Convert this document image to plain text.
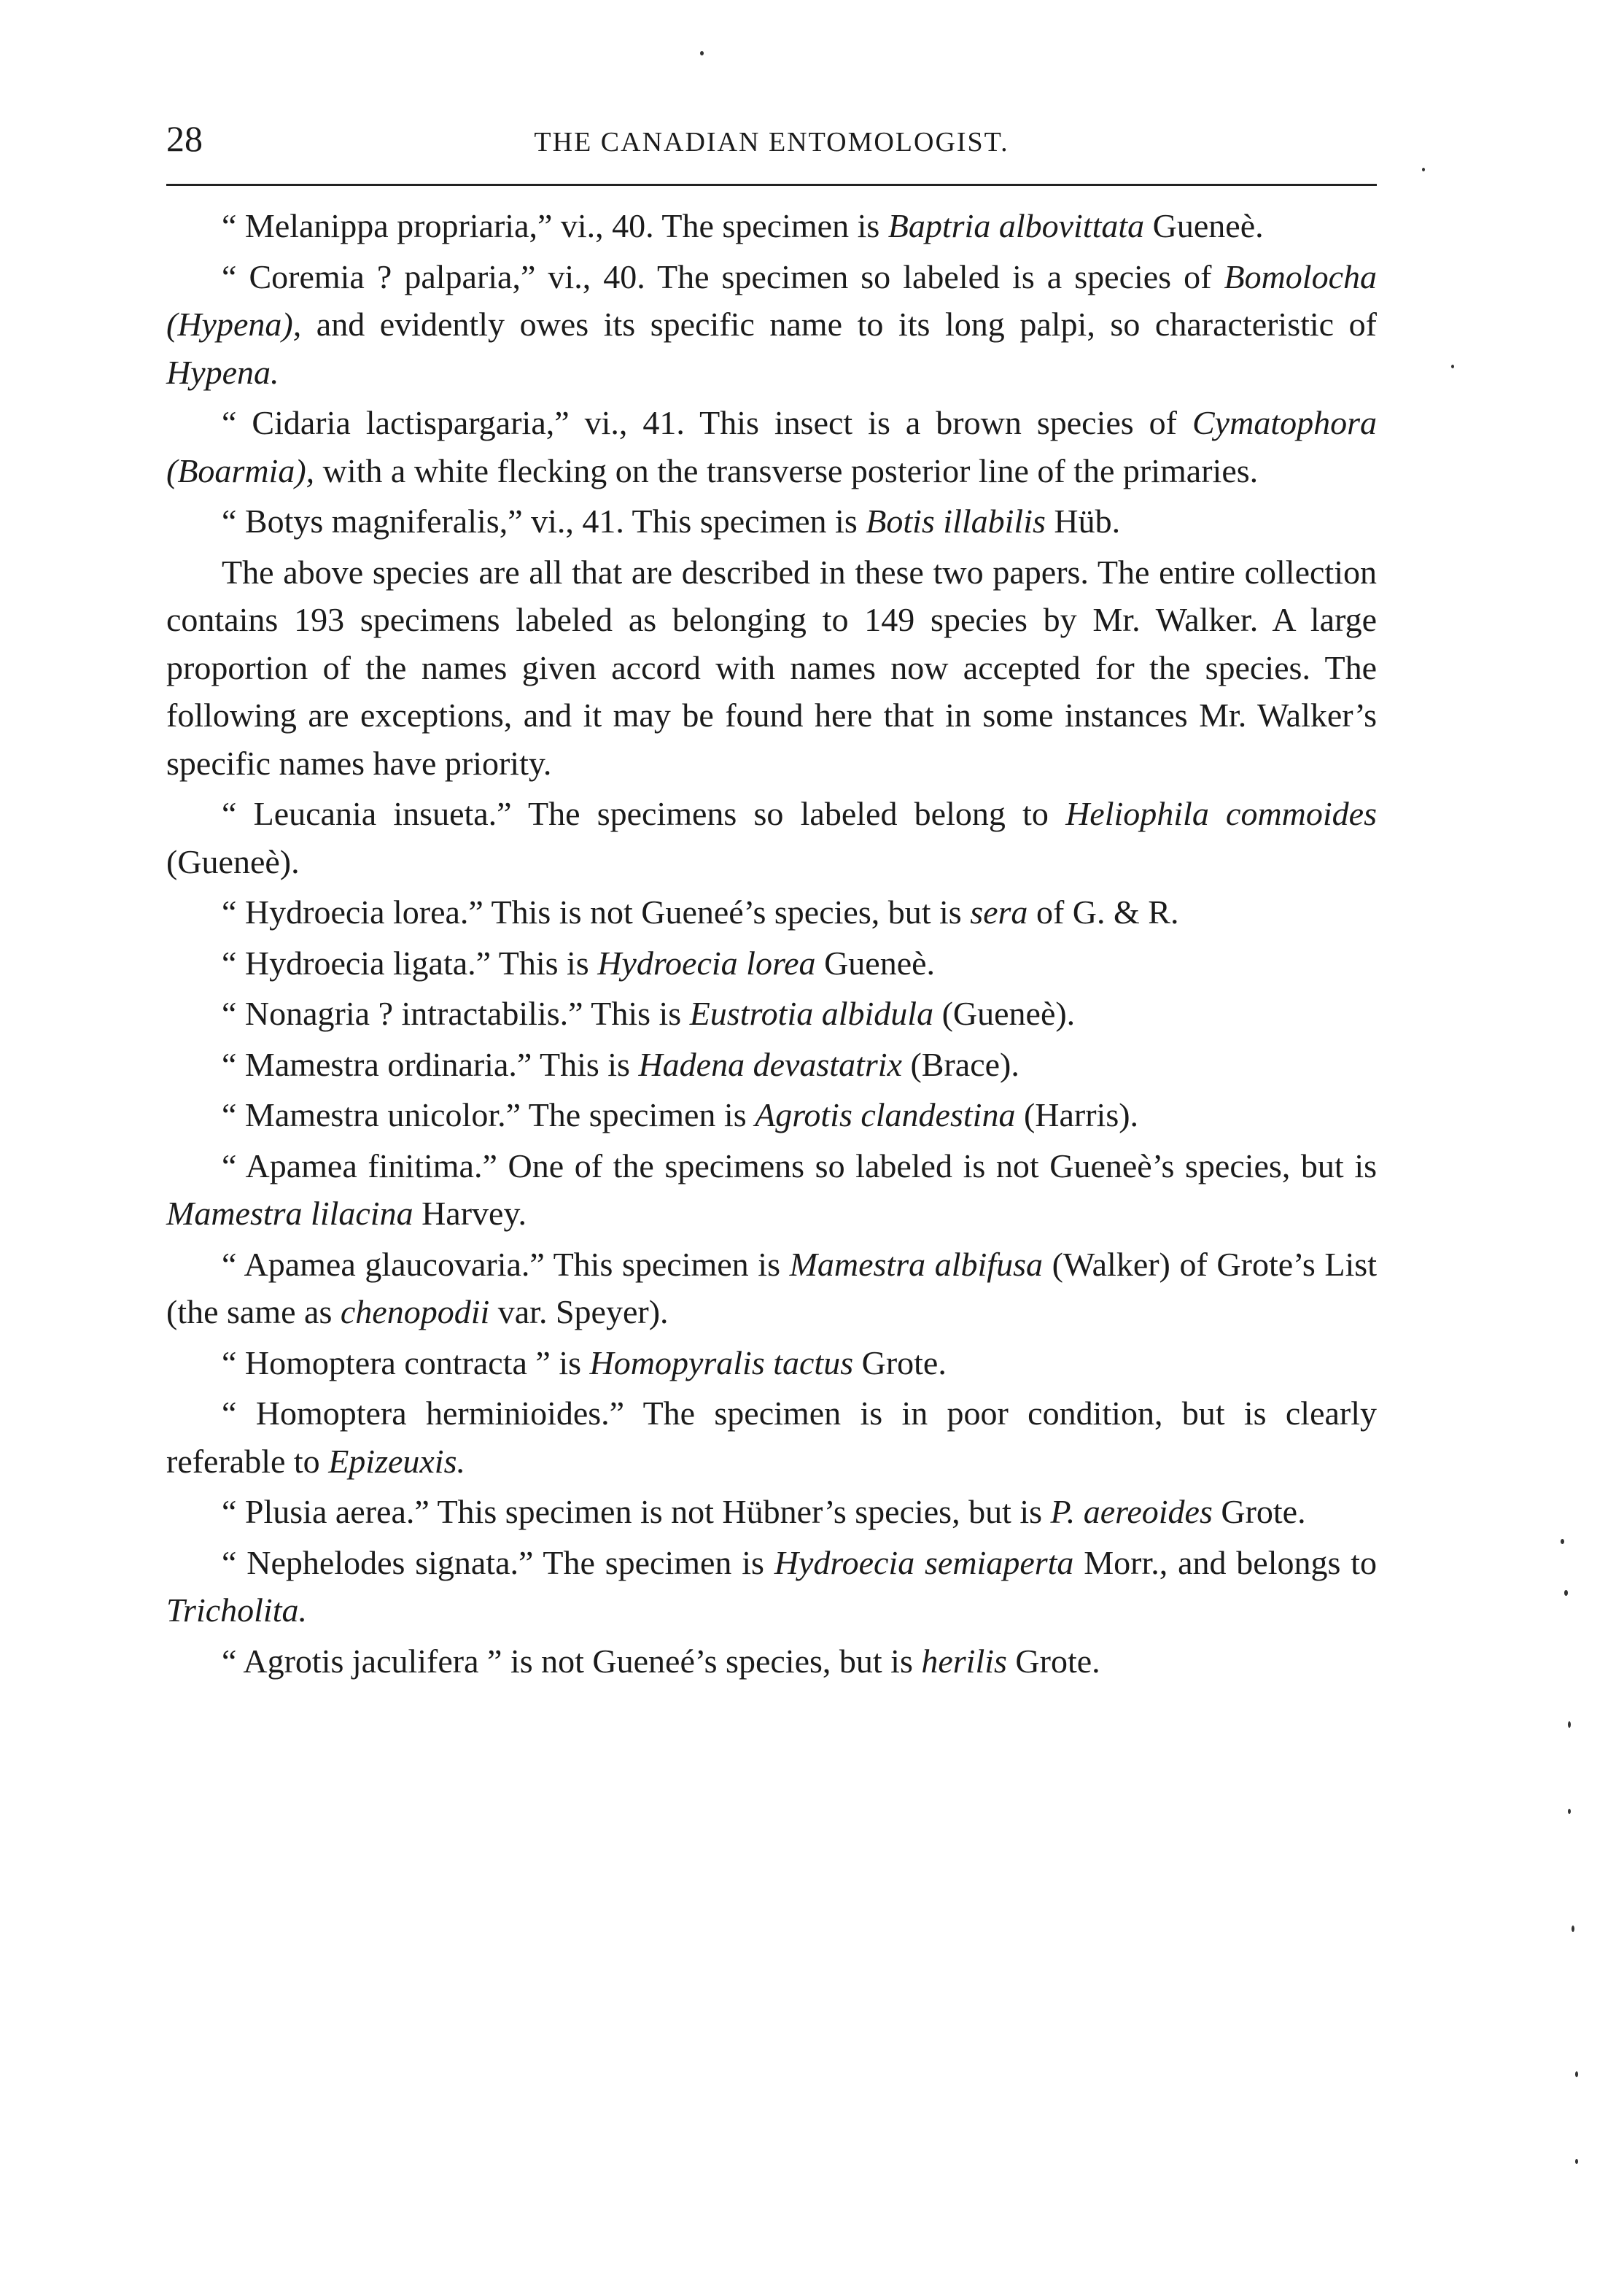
28	THE CANADIAN ENTOMOLOGIST.

“ Melanippa propriaria,” vi., 40. The specimen is Baptria albovittata Gueneè.

“ Coremia ? palparia,” vi., 40. The specimen so labeled is a species of Bomolocha (Hypena), and evidently owes its specific name to its long palpi, so characteristic of Hypena.

“ Cidaria lactispargaria,” vi., 41. This insect is a brown species of Cymatophora (Boarmia), with a white flecking on the transverse posterior line of the primaries.

“ Botys magniferalis,” vi., 41. This specimen is Botis illabilis Hüb.

The above species are all that are described in these two papers. The entire collection contains 193 specimens labeled as belonging to 149 species by Mr. Walker. A large proportion of the names given accord with names now accepted for the species. The following are exceptions, and it may be found here that in some instances Mr. Walker’s specific names have priority.

“ Leucania insueta.” The specimens so labeled belong to Heliophila commoides (Gueneè).

“ Hydroecia lorea.” This is not Gueneé’s species, but is sera of G. & R.

“ Hydroecia ligata.” This is Hydroecia lorea Gueneè.

“ Nonagria ? intractabilis.” This is Eustrotia albidula (Gueneè).

“ Mamestra ordinaria.” This is Hadena devastatrix (Brace).

“ Mamestra unicolor.” The specimen is Agrotis clandestina (Harris).

“ Apamea finitima.” One of the specimens so labeled is not Gueneè’s species, but is Mamestra lilacina Harvey.

“ Apamea glaucovaria.” This specimen is Mamestra albifusa (Walker) of Grote’s List (the same as chenopodii var. Speyer).

“ Homoptera contracta ” is Homopyralis tactus Grote.

“ Homoptera herminioides.” The specimen is in poor condition, but is clearly referable to Epizeuxis.

“ Plusia aerea.” This specimen is not Hübner’s species, but is P. aereoides Grote.

“ Nephelodes signata.” The specimen is Hydroecia semiaperta Morr., and belongs to Tricholita.

“ Agrotis jaculifera ” is not Gueneé’s species, but is herilis Grote.
